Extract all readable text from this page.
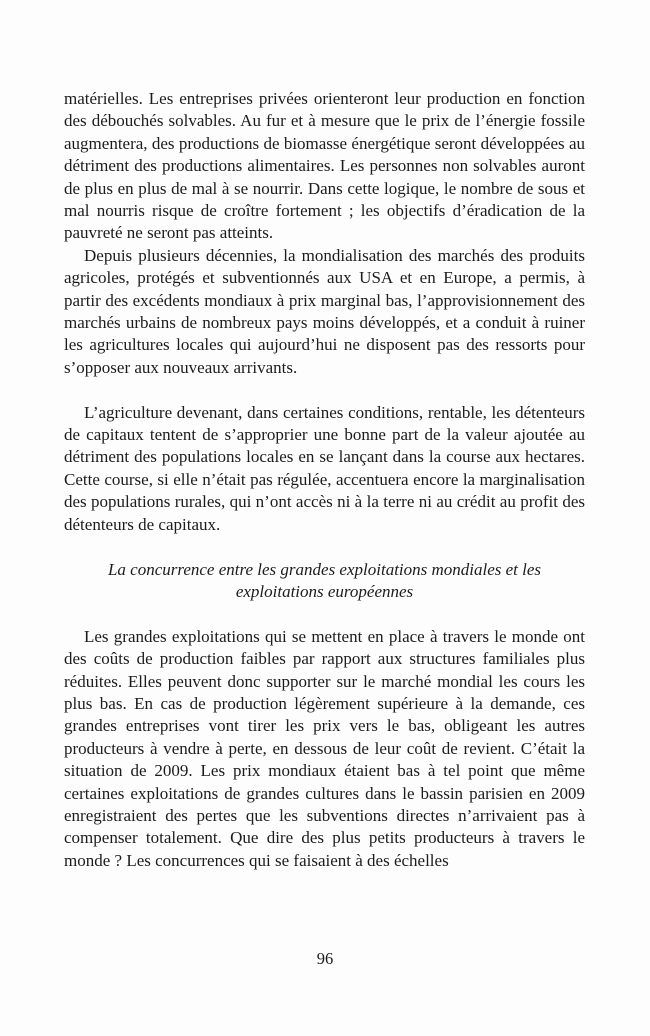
matérielles. Les entreprises privées orienteront leur production en fonction des débouchés solvables. Au fur et à mesure que le prix de l’énergie fossile augmentera, des productions de biomasse énergétique seront développées au détriment des productions alimentaires. Les personnes non solvables auront de plus en plus de mal à se nourrir. Dans cette logique, le nombre de sous et mal nourris risque de croître fortement ; les objectifs d’éradication de la pauvreté ne seront pas atteints.

Depuis plusieurs décennies, la mondialisation des marchés des produits agricoles, protégés et subventionnés aux USA et en Europe, a permis, à partir des excédents mondiaux à prix marginal bas, l’approvisionnement des marchés urbains de nombreux pays moins développés, et a conduit à ruiner les agricultures locales qui aujourd’hui ne disposent pas des ressorts pour s’opposer aux nouveaux arrivants.

L’agriculture devenant, dans certaines conditions, rentable, les détenteurs de capitaux tentent de s’approprier une bonne part de la valeur ajoutée au détriment des populations locales en se lançant dans la course aux hectares. Cette course, si elle n’était pas régulée, accentuera encore la marginalisation des populations rurales, qui n’ont accès ni à la terre ni au crédit au profit des détenteurs de capitaux.

La concurrence entre les grandes exploitations mondiales et les exploitations européennes

Les grandes exploitations qui se mettent en place à travers le monde ont des coûts de production faibles par rapport aux structures familiales plus réduites. Elles peuvent donc supporter sur le marché mondial les cours les plus bas. En cas de production légèrement supérieure à la demande, ces grandes entreprises vont tirer les prix vers le bas, obligeant les autres producteurs à vendre à perte, en dessous de leur coût de revient. C’était la situation de 2009. Les prix mondiaux étaient bas à tel point que même certaines exploitations de grandes cultures dans le bassin parisien en 2009 enregistraient des pertes que les subventions directes n’arrivaient pas à compenser totalement. Que dire des plus petits producteurs à travers le monde ? Les concurrences qui se faisaient à des échelles

96
